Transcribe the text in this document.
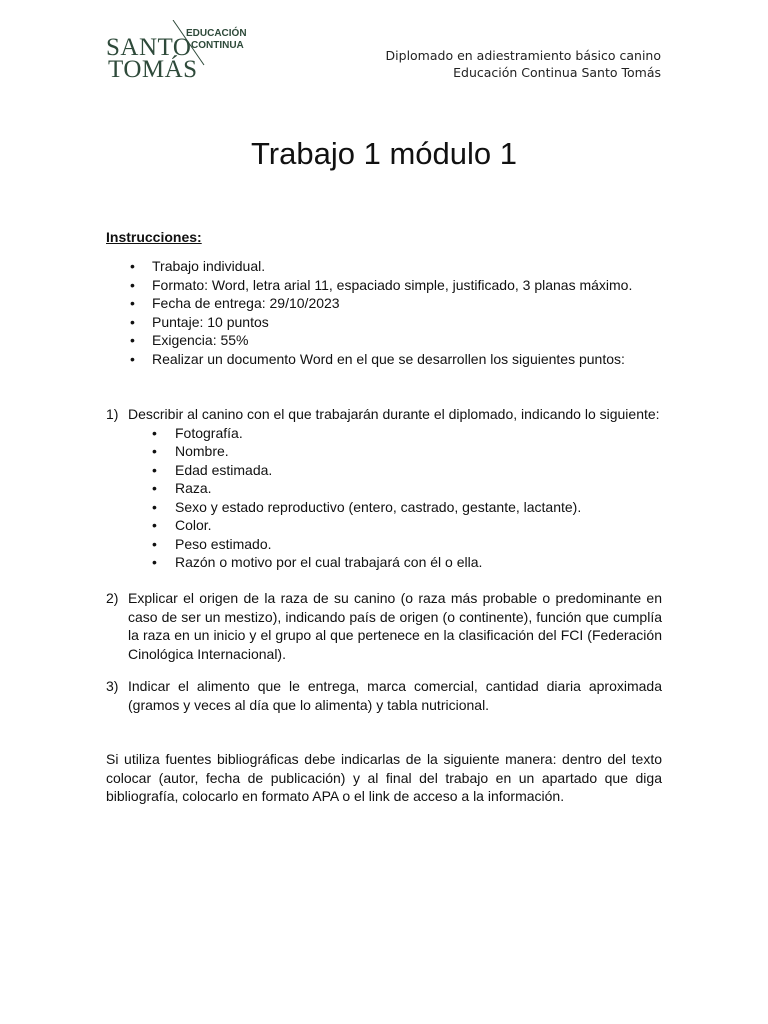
SANTO
TOMÁS
EDUCACIÓN
CONTINUA
Diplomado en adiestramiento básico canino
Educación Continua Santo Tomás
Trabajo 1 módulo 1
Instrucciones:
• Trabajo individual.
• Formato: Word, letra arial 11, espaciado simple, justificado, 3 planas máximo.
• Fecha de entrega: 29/10/2023
• Puntaje: 10 puntos
• Exigencia: 55%
• Realizar un documento Word en el que se desarrollen los siguientes puntos:
1) Describir al canino con el que trabajarán durante el diplomado, indicando lo siguiente:
• Fotografía.
• Nombre.
• Edad estimada.
• Raza.
• Sexo y estado reproductivo (entero, castrado, gestante, lactante).
• Color.
• Peso estimado.
• Razón o motivo por el cual trabajará con él o ella.
2) Explicar el origen de la raza de su canino (o raza más probable o predominante en caso de ser un mestizo), indicando país de origen (o continente), función que cumplía la raza en un inicio y el grupo al que pertenece en la clasificación del FCI (Federación Cinológica Internacional).
3) Indicar el alimento que le entrega, marca comercial, cantidad diaria aproximada (gramos y veces al día que lo alimenta) y tabla nutricional.
Si utiliza fuentes bibliográficas debe indicarlas de la siguiente manera: dentro del texto colocar (autor, fecha de publicación) y al final del trabajo en un apartado que diga bibliografía, colocarlo en formato APA o el link de acceso a la información.
